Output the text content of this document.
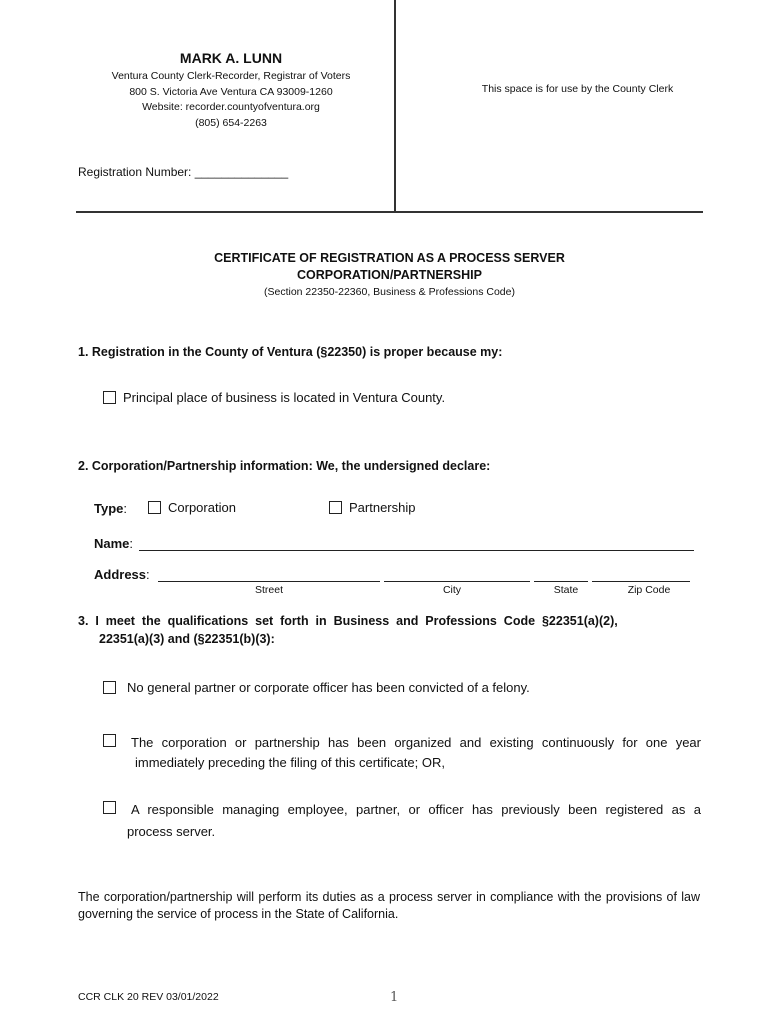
MARK A. LUNN
Ventura County Clerk-Recorder, Registrar of Voters
800 S. Victoria Ave Ventura CA 93009-1260
Website: recorder.countyofventura.org
(805) 654-2263
This space is for use by the County Clerk
Registration Number: ______________
CERTIFICATE OF REGISTRATION AS A PROCESS SERVER
CORPORATION/PARTNERSHIP
(Section 22350-22360, Business & Professions Code)
1. Registration in the County of Ventura (§22350) is proper because my:
Principal place of business is located in Ventura County.
2. Corporation/Partnership information: We, the undersigned declare:
Type:	Corporation	Partnership
Name:
Address:
Street	City	State	Zip Code
3.  I  meet  the  qualifications  set  forth  in  Business  and  Professions  Code  §22351(a)(2),
22351(a)(3) and (§22351(b)(3):
No general partner or corporate officer has been convicted of a felony.
The corporation or partnership has been organized and existing continuously for one year
immediately preceding the filing of this certificate; OR,
A responsible managing employee, partner, or officer has previously been registered as a
process server.
The corporation/partnership will perform its duties as a process server in compliance with the provisions of law governing the service of process in the State of California.
CCR CLK 20 REV 03/01/2022	1
